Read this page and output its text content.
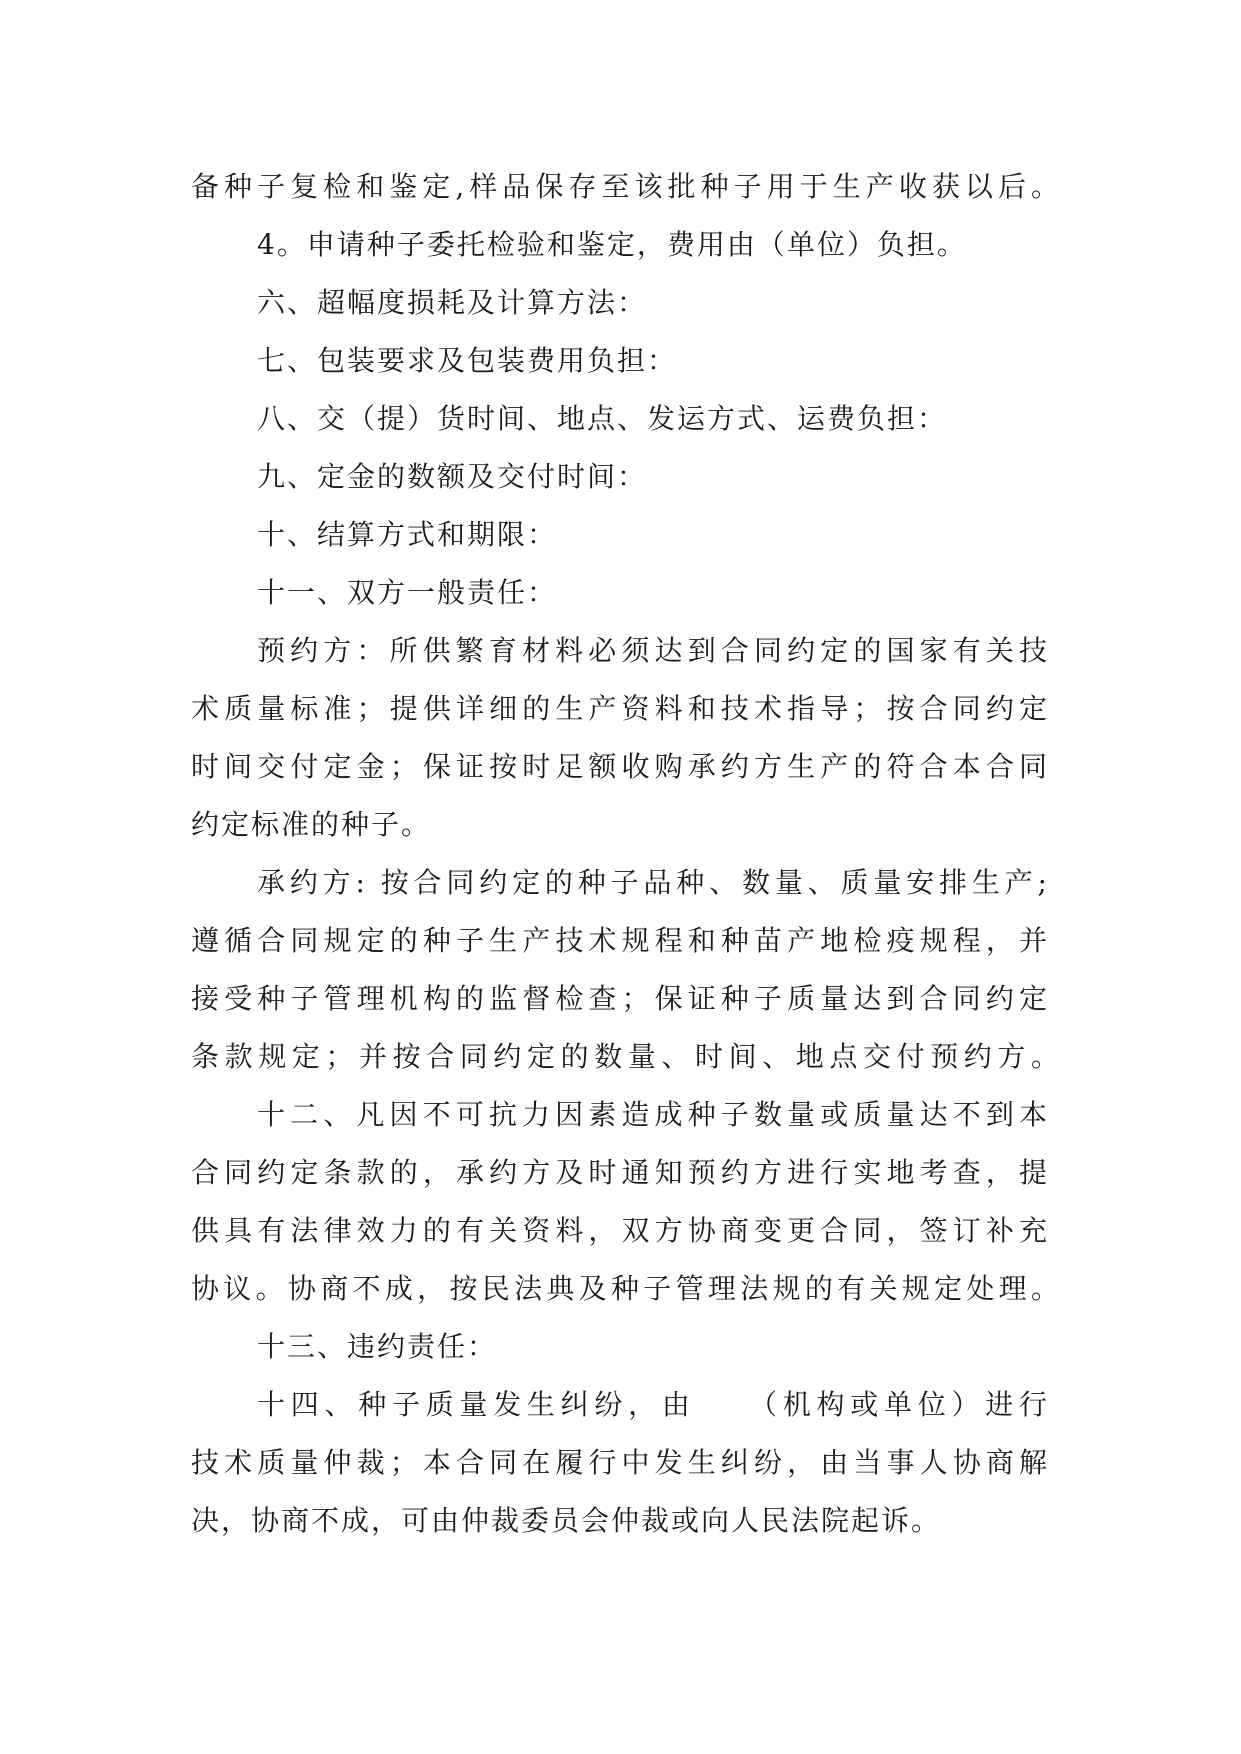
备种子复检和鉴定,样品保存至该批种子用于生产收获以后。
4。申请种子委托检验和鉴定，费用由（单位）负担。
六、超幅度损耗及计算方法：
七、包装要求及包装费用负担：
八、交（提）货时间、地点、发运方式、运费负担：
九、定金的数额及交付时间：
十、结算方式和期限：
十一、双方一般责任：
预约方：所供繁育材料必须达到合同约定的国家有关技
术质量标准；提供详细的生产资料和技术指导；按合同约定
时间交付定金；保证按时足额收购承约方生产的符合本合同
约定标准的种子。
承约方: 按合同约定的种子品种、数量、质量安排生产;
遵循合同规定的种子生产技术规程和种苗产地检疫规程，并
接受种子管理机构的监督检查；保证种子质量达到合同约定
条款规定；并按合同约定的数量、时间、地点交付预约方。
十二、凡因不可抗力因素造成种子数量或质量达不到本
合同约定条款的，承约方及时通知预约方进行实地考查，提
供具有法律效力的有关资料，双方协商变更合同，签订补充
协议。协商不成，按民法典及种子管理法规的有关规定处理。
十三、违约责任：
十四、种子质量发生纠纷，由　　（机构或单位）进行
技术质量仲裁；本合同在履行中发生纠纷，由当事人协商解
决，协商不成，可由仲裁委员会仲裁或向人民法院起诉。
